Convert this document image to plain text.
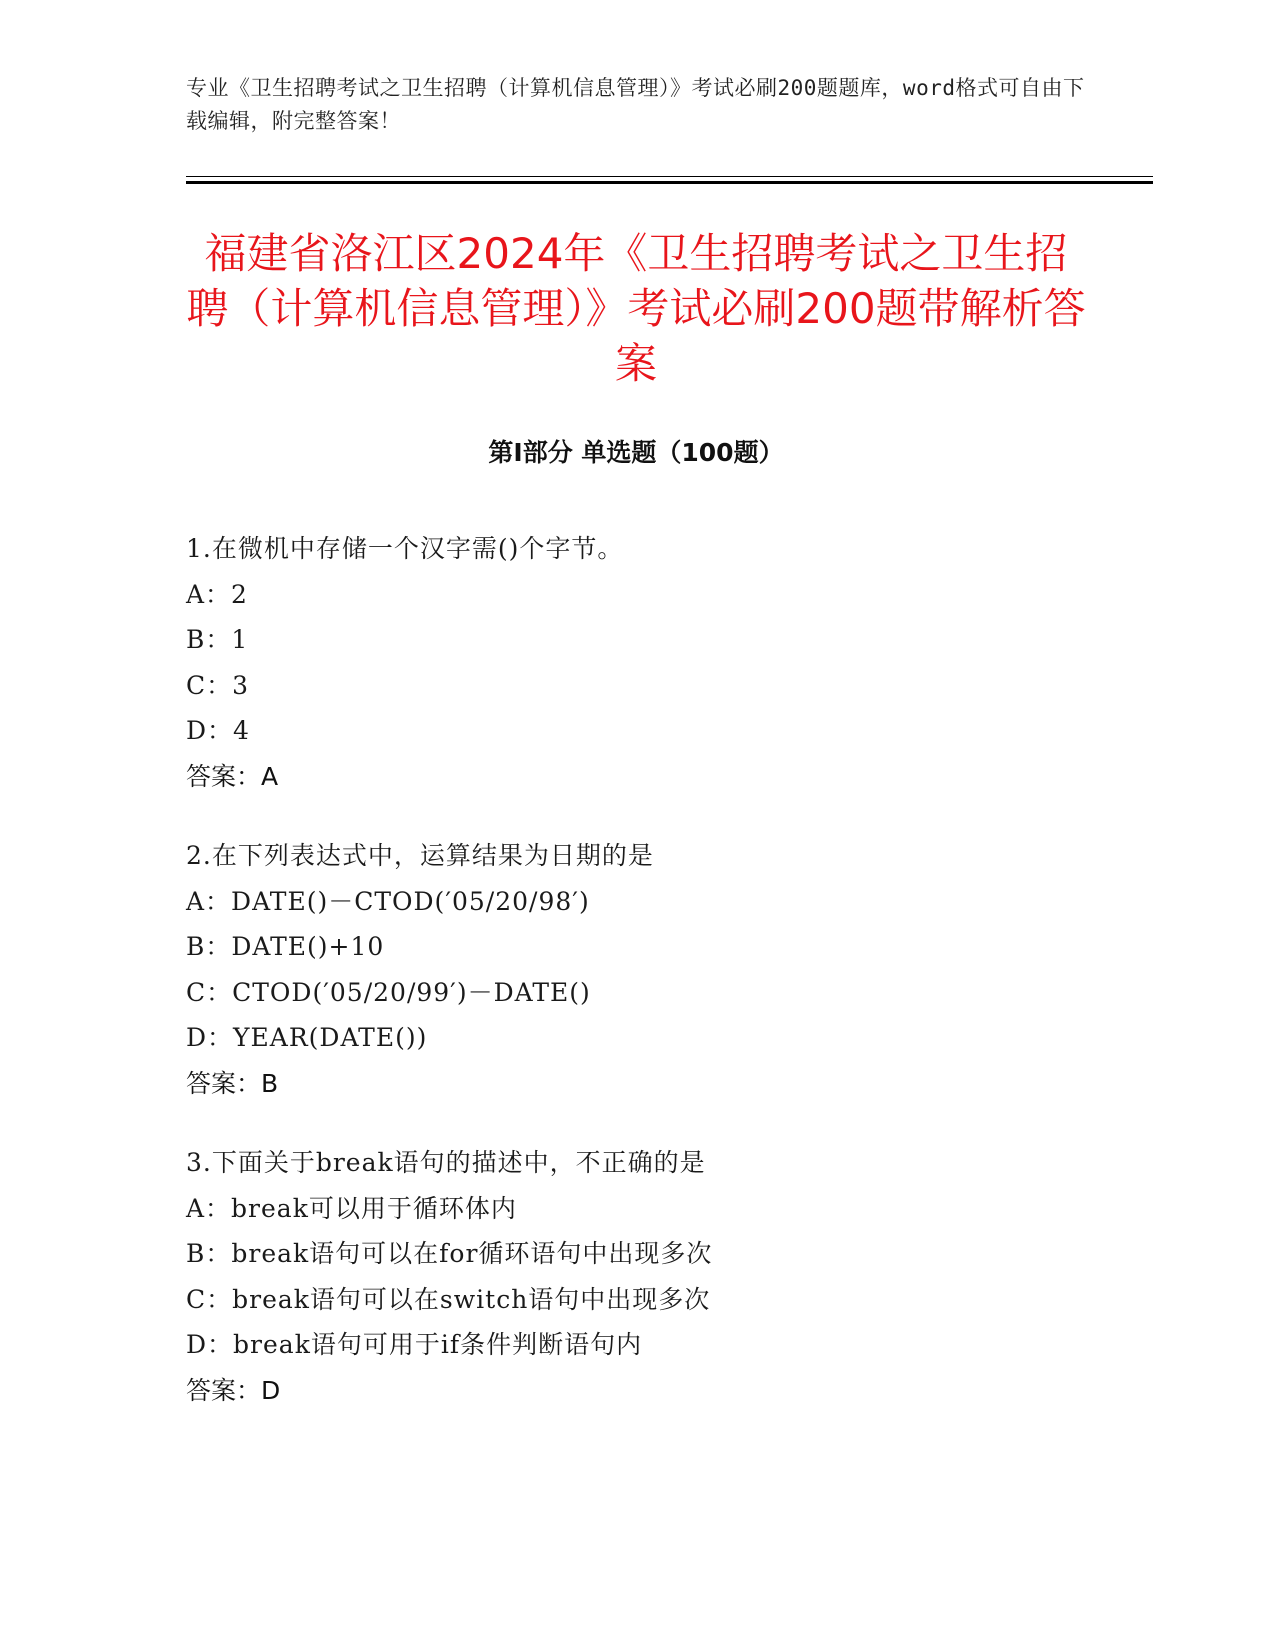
专业《卫生招聘考试之卫生招聘（计算机信息管理）》考试必刷200题题库，word格式可自由下载编辑，附完整答案！
福建省洛江区2024年《卫生招聘考试之卫生招聘（计算机信息管理）》考试必刷200题带解析答案
第I部分 单选题（100题）
1.在微机中存储一个汉字需()个字节。
A：2
B：1
C：3
D：4
答案：A
2.在下列表达式中，运算结果为日期的是
A：DATE()－CTOD(′05/20/98′)
B：DATE()+10
C：CTOD(′05/20/99′)－DATE()
D：YEAR(DATE())
答案：B
3.下面关于break语句的描述中，不正确的是
A：break可以用于循环体内
B：break语句可以在for循环语句中出现多次
C：break语句可以在switch语句中出现多次
D：break语句可用于if条件判断语句内
答案：D
